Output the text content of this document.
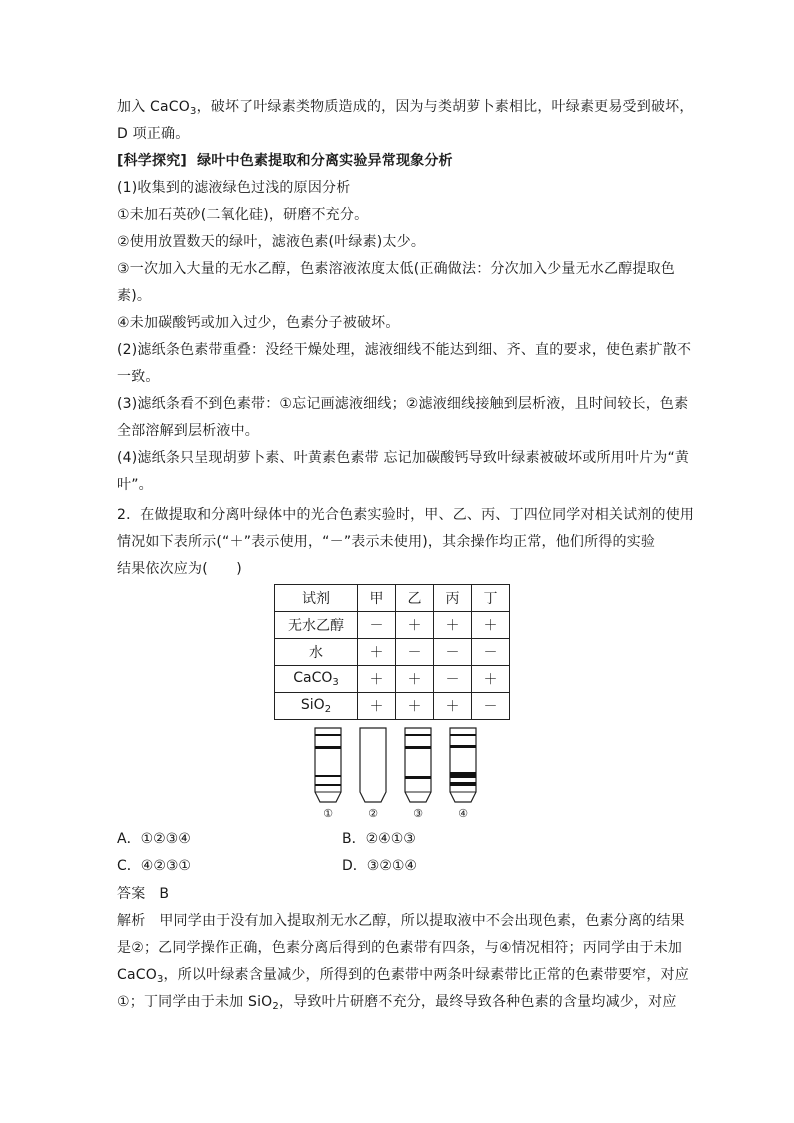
加入 CaCO$_3$，破坏了叶绿素类物质造成的，因为与类胡萝卜素相比，叶绿素更易受到破坏，
D 项正确。
[科学探究] 绿叶中色素提取和分离实验异常现象分析
(1)收集到的滤液绿色过浅的原因分析
①未加石英砂(二氧化硅)，研磨不充分。
②使用放置数天的绿叶，滤液色素(叶绿素)太少。
③一次加入大量的无水乙醇，色素溶液浓度太低(正确做法：分次加入少量无水乙醇提取色
素)。
④未加碳酸钙或加入过少，色素分子被破坏。
(2)滤纸条色素带重叠：没经干燥处理，滤液细线不能达到细、齐、直的要求，使色素扩散不
一致。
(3)滤纸条看不到色素带：①忘记画滤液细线；②滤液细线接触到层析液，且时间较长，色素
全部溶解到层析液中。
(4)滤纸条只呈现胡萝卜素、叶黄素色素带 忘记加碳酸钙导致叶绿素被破坏或所用叶片为“黄
叶”。
2．在做提取和分离叶绿体中的光合色素实验时，甲、乙、丙、丁四位同学对相关试剂的使用
情况如下表所示(“＋”表示使用，“－”表示未使用)，其余操作均正常，他们所得的实验
结果依次应为(　　)
试剂	甲	乙	丙	丁
无水乙醇	－	＋	＋	＋
水	＋	－	－	－
CaCO$_3$	＋	＋	－	＋
SiO$_2$	＋	＋	＋	－
①	②	③	④
A．①②③④	B．②④①③
C．④②③①	D．③②①④
答案 B
解析 甲同学由于没有加入提取剂无水乙醇，所以提取液中不会出现色素，色素分离的结果
是②；乙同学操作正确，色素分离后得到的色素带有四条，与④情况相符；丙同学由于未加
CaCO$_3$，所以叶绿素含量减少，所得到的色素带中两条叶绿素带比正常的色素带要窄，对应
①；丁同学由于未加 SiO$_2$，导致叶片研磨不充分，最终导致各种色素的含量均减少，对应
